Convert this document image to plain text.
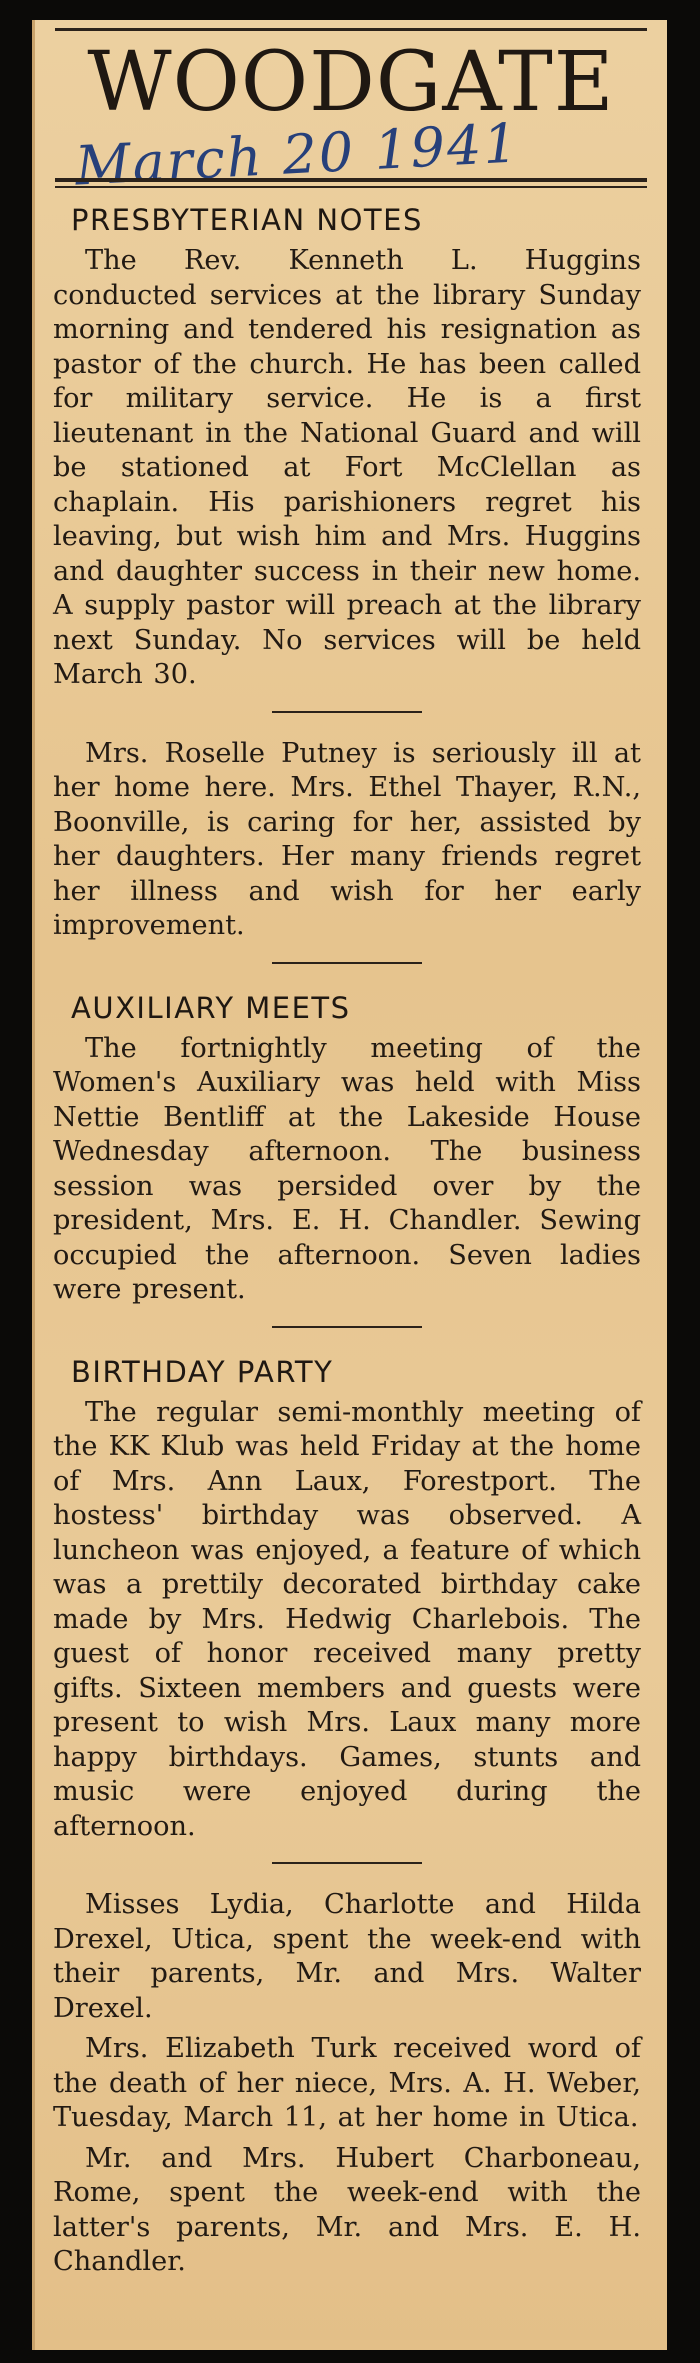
WOODGATE
March 20 1941
PRESBYTERIAN NOTES

The Rev. Kenneth L. Huggins conducted services at the library Sunday morning and tendered his resignation as pastor of the church. He has been called for military service. He is a first lieutenant in the National Guard and will be stationed at Fort McClellan as chaplain. His parishioners regret his leaving, but wish him and Mrs. Huggins and daughter success in their new home. A supply pastor will preach at the library next Sunday. No services will be held March 30.

Mrs. Roselle Putney is seriously ill at her home here. Mrs. Ethel Thayer, R.N., Boonville, is caring for her, assisted by her daughters. Her many friends regret her illness and wish for her early improvement.

AUXILIARY MEETS

The fortnightly meeting of the Women's Auxiliary was held with Miss Nettie Bentliff at the Lakeside House Wednesday afternoon. The business session was persided over by the president, Mrs. E. H. Chandler. Sewing occupied the afternoon. Seven ladies were present.

BIRTHDAY PARTY

The regular semi-monthly meeting of the KK Klub was held Friday at the home of Mrs. Ann Laux, Forestport. The hostess' birthday was observed. A luncheon was enjoyed, a feature of which was a prettily decorated birthday cake made by Mrs. Hedwig Charlebois. The guest of honor received many pretty gifts. Sixteen members and guests were present to wish Mrs. Laux many more happy birthdays. Games, stunts and music were enjoyed during the afternoon.

Misses Lydia, Charlotte and Hilda Drexel, Utica, spent the week-end with their parents, Mr. and Mrs. Walter Drexel.

Mrs. Elizabeth Turk received word of the death of her niece, Mrs. A. H. Weber, Tuesday, March 11, at her home in Utica.

Mr. and Mrs. Hubert Charboneau, Rome, spent the week-end with the latter's parents, Mr. and Mrs. E. H. Chandler.
